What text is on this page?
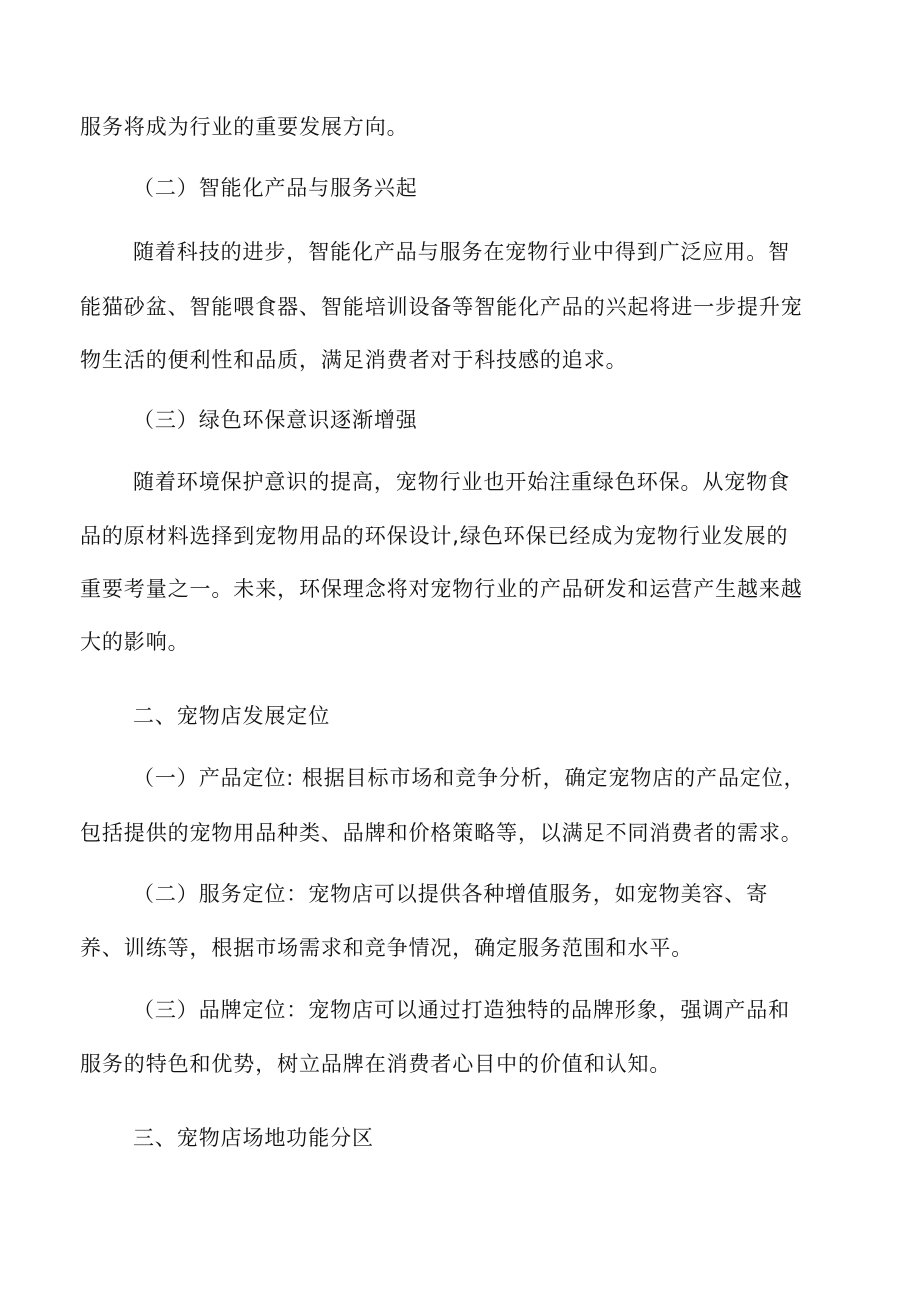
服务将成为行业的重要发展方向。
（二）智能化产品与服务兴起
随着科技的进步，智能化产品与服务在宠物行业中得到广泛应用。智
能猫砂盆、智能喂食器、智能培训设备等智能化产品的兴起将进一步提升宠
物生活的便利性和品质，满足消费者对于科技感的追求。
（三）绿色环保意识逐渐增强
随着环境保护意识的提高，宠物行业也开始注重绿色环保。从宠物食
品的原材料选择到宠物用品的环保设计,绿色环保已经成为宠物行业发展的
重要考量之一。未来，环保理念将对宠物行业的产品研发和运营产生越来越
大的影响。
二、宠物店发展定位
（一）产品定位: 根据目标市场和竞争分析，确定宠物店的产品定位，
包括提供的宠物用品种类、品牌和价格策略等，以满足不同消费者的需求。
（二）服务定位：宠物店可以提供各种增值服务，如宠物美容、寄
养、训练等，根据市场需求和竞争情况，确定服务范围和水平。
（三）品牌定位：宠物店可以通过打造独特的品牌形象，强调产品和
服务的特色和优势，树立品牌在消费者心目中的价值和认知。
三、宠物店场地功能分区
